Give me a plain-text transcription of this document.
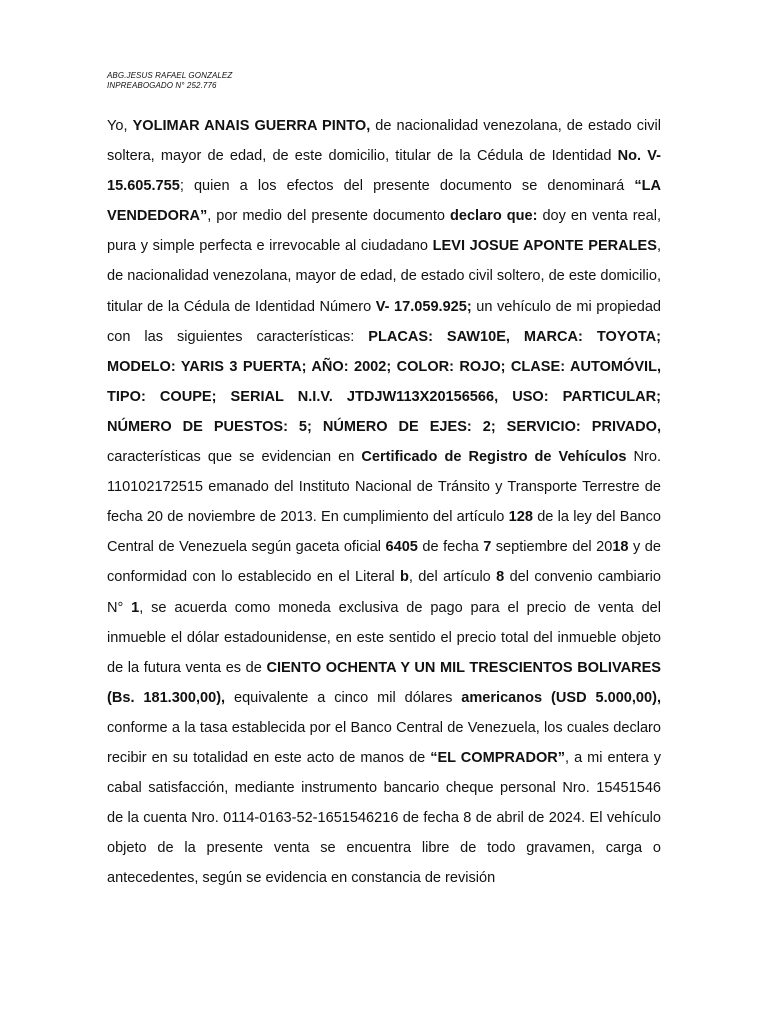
ABG.JESUS RAFAEL GONZALEZ
INPREABOGADO N° 252.776

Yo, YOLIMAR ANAIS GUERRA PINTO, de nacionalidad venezolana, de estado civil soltera, mayor de edad, de este domicilio, titular de la Cédula de Identidad No. V- 15.605.755; quien a los efectos del presente documento se denominará “LA VENDEDORA”, por medio del presente documento declaro que: doy en venta real, pura y simple perfecta e irrevocable al ciudadano LEVI JOSUE APONTE PERALES, de nacionalidad venezolana, mayor de edad, de estado civil soltero, de este domicilio, titular de la Cédula de Identidad Número V- 17.059.925; un vehículo de mi propiedad con las siguientes características: PLACAS: SAW10E, MARCA: TOYOTA; MODELO: YARIS 3 PUERTA; AÑO: 2002; COLOR: ROJO; CLASE: AUTOMÓVIL, TIPO: COUPE; SERIAL N.I.V. JTDJW113X20156566, USO: PARTICULAR; NÚMERO DE PUESTOS: 5; NÚMERO DE EJES: 2; SERVICIO: PRIVADO, características que se evidencian en Certificado de Registro de Vehículos Nro. 110102172515 emanado del Instituto Nacional de Tránsito y Transporte Terrestre de fecha 20 de noviembre de 2013. En cumplimiento del artículo 128 de la ley del Banco Central de Venezuela según gaceta oficial 6405 de fecha 7 septiembre del 2018 y de conformidad con lo establecido en el Literal b, del artículo 8 del convenio cambiario N° 1, se acuerda como moneda exclusiva de pago para el precio de venta del inmueble el dólar estadounidense, en este sentido el precio total del inmueble objeto de la futura venta es de CIENTO OCHENTA Y UN MIL TRESCIENTOS BOLIVARES (Bs. 181.300,00), equivalente a cinco mil dólares americanos (USD 5.000,00), conforme a la tasa establecida por el Banco Central de Venezuela, los cuales declaro recibir en su totalidad en este acto de manos de “EL COMPRADOR”, a mi entera y cabal satisfacción, mediante instrumento bancario cheque personal Nro. 15451546 de la cuenta Nro. 0114-0163-52-1651546216 de fecha 8 de abril de 2024. El vehículo objeto de la presente venta se encuentra libre de todo gravamen, carga o antecedentes, según se evidencia en constancia de revisión
